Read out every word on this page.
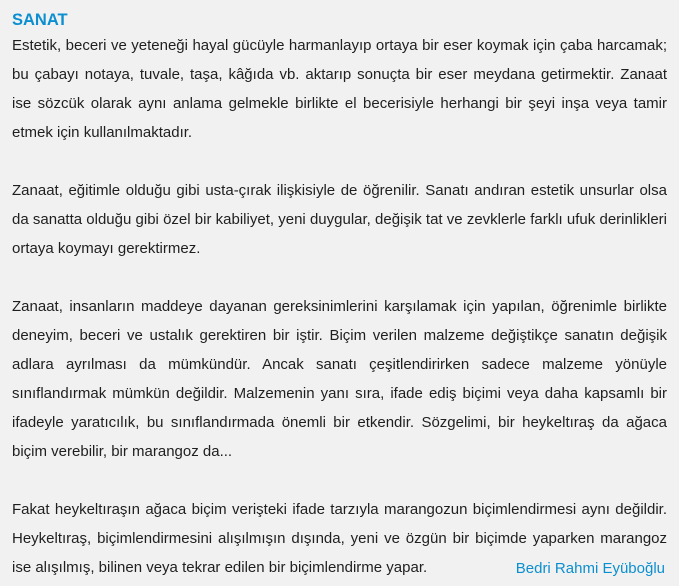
SANAT

Estetik, beceri ve yeteneği hayal gücüyle harmanlayıp ortaya bir eser koymak için çaba harcamak; bu çabayı notaya, tuvale, taşa, kâğıda vb. aktarıp sonuçta bir eser meydana getirmektir. Zanaat ise sözcük olarak aynı anlama gelmekle birlikte el becerisiyle herhangi bir şeyi inşa veya tamir etmek için kullanılmaktadır.

Zanaat, eğitimle olduğu gibi usta-çırak ilişkisiyle de öğrenilir. Sanatı andıran estetik unsurlar olsa da sanatta olduğu gibi özel bir kabiliyet, yeni duygular, değişik tat ve zevklerle farklı ufuk derinlikleri ortaya koymayı gerektirmez.

Zanaat, insanların maddeye dayanan gereksinimlerini karşılamak için yapılan, öğrenimle birlikte deneyim, beceri ve ustalık gerektiren bir iştir. Biçim verilen malzeme değiştikçe sanatın değişik adlara ayrılması da mümkündür. Ancak sanatı çeşitlendirirken sadece malzeme yönüyle sınıflandırmak mümkün değildir. Malzemenin yanı sıra, ifade ediş biçimi veya daha kapsamlı bir ifadeyle yaratıcılık, bu sınıflandırmada önemli bir etkendir. Sözgelimi, bir heykeltıraş da ağaca biçim verebilir, bir marangoz da...

Fakat heykeltıraşın ağaca biçim verişteki ifade tarzıyla marangozun biçimlendirmesi aynı değildir. Heykeltıraş, biçimlendirmesini alışılmışın dışında, yeni ve özgün bir biçimde yaparken marangoz ise alışılmış, bilinen veya tekrar edilen bir biçimlendirme yapar.	Bedri Rahmi Eyüboğlu
